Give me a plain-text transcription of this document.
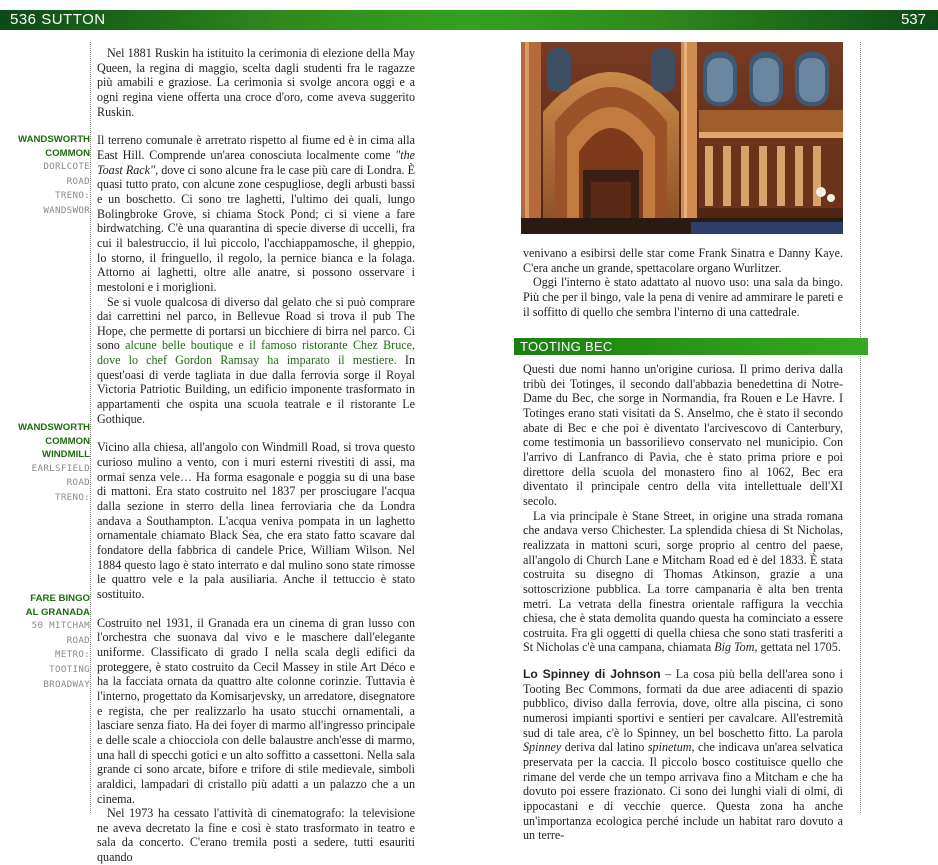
536 SUTTON	537
WANDSWORTH
COMMON
DORLCOTE
ROAD
TRENO:
WANDSWOR
WANDSWORTH
COMMON
WINDMILL
EARLSFIELD
ROAD
TRENO:
FARE BINGO
AL GRANADA
50 MITCHAM
ROAD
METRO:
TOOTING
BROADWAY

Nel 1881 Ruskin ha istituito la cerimonia di elezione della May Queen, la regina di maggio, scelta dagli studenti fra le ragazze più amabili e graziose. La cerimonia si svolge ancora oggi e a ogni regina viene offerta una croce d'oro, come aveva suggerito Ruskin.

Il terreno comunale è arretrato rispetto al fiume ed è in cima alla East Hill. Comprende un'area conosciuta localmente come "the Toast Rack", dove ci sono alcune fra le case più care di Londra. È quasi tutto prato, con alcune zone cespugliose, degli arbusti bassi e un boschetto. Ci sono tre laghetti, l'ultimo dei quali, lungo Bolingbroke Grove, si chiama Stock Pond; ci si viene a fare birdwatching. C'è una quarantina di specie diverse di uccelli, fra cui il balestruccio, il luì piccolo, l'acchiappamosche, il gheppio, lo storno, il fringuello, il regolo, la pernice bianca e la folaga. Attorno ai laghetti, oltre alle anatre, si possono osservare i mestoloni e i moriglioni.

Se si vuole qualcosa di diverso dal gelato che si può comprare dai carrettini nel parco, in Bellevue Road si trova il pub The Hope, che permette di portarsi un bicchiere di birra nel parco. Ci sono alcune belle boutique e il famoso ristorante Chez Bruce, dove lo chef Gordon Ramsay ha imparato il mestiere. In quest'oasi di verde tagliata in due dalla ferrovia sorge il Royal Victoria Patriotic Building, un edificio imponente trasformato in appartamenti che ospita una scuola teatrale e il ristorante Le Gothique.

Vicino alla chiesa, all'angolo con Windmill Road, si trova questo curioso mulino a vento, con i muri esterni rivestiti di assi, ma ormai senza vele… Ha forma esagonale e poggia su di una base di mattoni. Era stato costruito nel 1837 per prosciugare l'acqua dalla sezione in sterro della linea ferroviaria che da Londra andava a Southampton. L'acqua veniva pompata in un laghetto ornamentale chiamato Black Sea, che era stato fatto scavare dal fondatore della fabbrica di candele Price, William Wilson. Nel 1884 questo lago è stato interrato e dal mulino sono state rimosse le quattro vele e la pala ausiliaria. Anche il tettuccio è stato sostituito.

Costruito nel 1931, il Granada era un cinema di gran lusso con l'orchestra che suonava dal vivo e le maschere dall'elegante uniforme. Classificato di grado I nella scala degli edifici da proteggere, è stato costruito da Cecil Massey in stile Art Déco e ha la facciata ornata da quattro alte colonne corinzie. Tuttavia è l'interno, progettato da Komisarjevsky, un arredatore, disegnatore e regista, che per realizzarlo ha usato stucchi ornamentali, a lasciare senza fiato. Ha dei foyer di marmo all'ingresso principale e delle scale a chiocciola con delle balaustre anch'esse di marmo, una hall di specchi gotici e un alto soffitto a cassettoni. Nella sala grande ci sono arcate, bifore e trifore di stile medievale, simboli araldici, lampadari di cristallo più adatti a un palazzo che a un cinema.

Nel 1973 ha cessato l'attività di cinematografo: la televisione ne aveva decretato la fine e così è stato trasformato in teatro e sala da concerto. C'erano tremila posti a sedere, tutti esauriti quando

venivano a esibirsi delle star come Frank Sinatra e Danny Kaye. C'era anche un grande, spettacolare organo Wurlitzer.

Oggi l'interno è stato adattato al nuovo uso: una sala da bingo. Più che per il bingo, vale la pena di venire ad ammirare le pareti e il soffitto di quello che sembra l'interno di una cattedrale.

TOOTING BEC

Questi due nomi hanno un'origine curiosa. Il primo deriva dalla tribù dei Totinges, il secondo dall'abbazia benedettina di Notre-Dame du Bec, che sorge in Normandia, fra Rouen e Le Havre. I Totinges erano stati visitati da S. Anselmo, che è stato il secondo abate di Bec e che poi è diventato l'arcivescovo di Canterbury, come testimonia un bassorilievo conservato nel municipio. Con l'arrivo di Lanfranco di Pavia, che è stato prima priore e poi direttore della scuola del monastero fino al 1062, Bec era diventato il principale centro della vita intellettuale dell'XI secolo.

La via principale è Stane Street, in origine una strada romana che andava verso Chichester. La splendida chiesa di St Nicholas, realizzata in mattoni scuri, sorge proprio al centro del paese, all'angolo di Church Lane e Mitcham Road ed è del 1833. È stata costruita su disegno di Thomas Atkinson, grazie a una sottoscrizione pubblica. La torre campanaria è alta ben trenta metri. La vetrata della finestra orientale raffigura la vecchia chiesa, che è stata demolita quando questa ha cominciato a essere costruita. Fra gli oggetti di quella chiesa che sono stati trasferiti a St Nicholas c'è una campana, chiamata Big Tom, gettata nel 1705.

Lo Spinney di Johnson – La cosa più bella dell'area sono i Tooting Bec Commons, formati da due aree adiacenti di spazio pubblico, diviso dalla ferrovia, dove, oltre alla piscina, ci sono numerosi impianti sportivi e sentieri per cavalcare. All'estremità sud di tale area, c'è lo Spinney, un bel boschetto fitto. La parola Spinney deriva dal latino spinetum, che indicava un'area selvatica preservata per la caccia. Il piccolo bosco costituisce quello che rimane del verde che un tempo arrivava fino a Mitcham e che ha dovuto poi essere frazionato. Ci sono dei lunghi viali di olmi, di ippocastani e di vecchie querce. Questa zona ha anche un'importanza ecologica perché include un habitat raro dovuto a un terre-
